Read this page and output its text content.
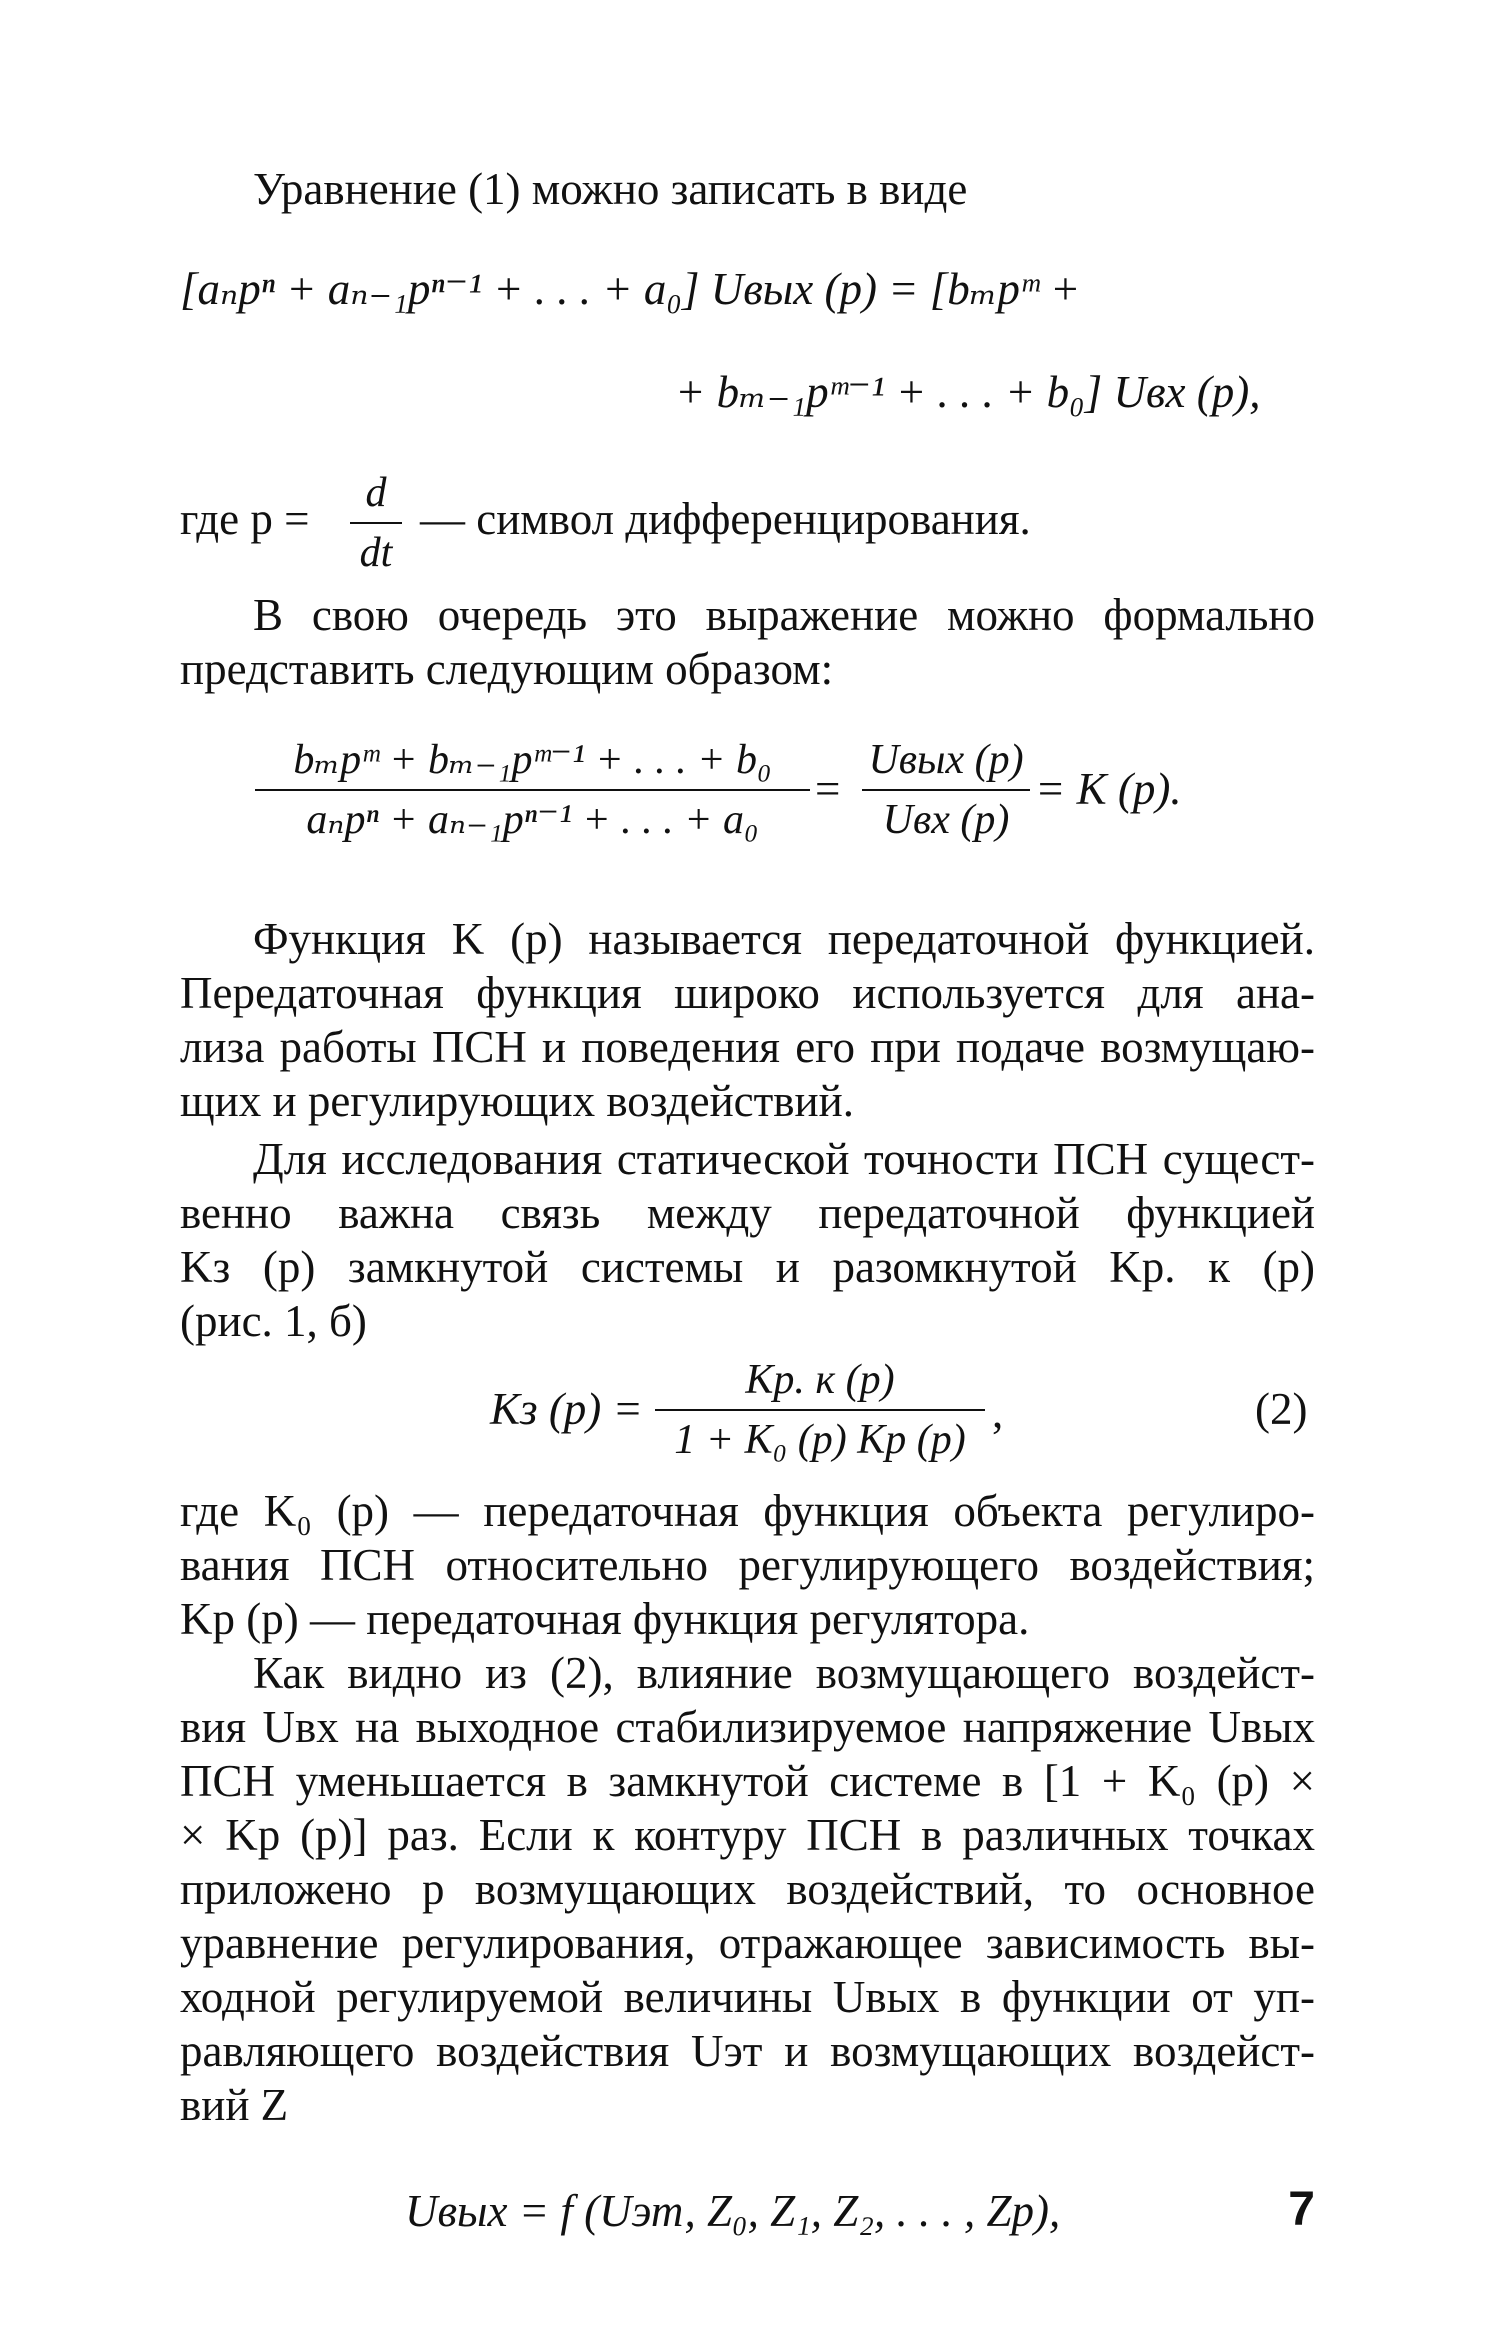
Уравнение (1) можно записать в виде
[aₙpⁿ + aₙ₋₁pⁿ⁻¹ + . . . + a₀] Uвых (p) = [bₘpᵐ +
+ bₘ₋₁pᵐ⁻¹ + . . . + b₀] Uвх (p),
где p =
d
dt
— символ дифференцирования.
В свою очередь это выражение можно формально
представить следующим образом:
bₘpᵐ + bₘ₋₁pᵐ⁻¹ + . . . + b₀
aₙpⁿ + aₙ₋₁pⁿ⁻¹ + . . . + a₀
=
Uвых (p)
Uвх (p)
= K (p).
Функция K (p) называется передаточной функцией.
Передаточная функция широко используется для ана-
лиза работы ПСН и поведения его при подаче возмущаю-
щих и регулирующих воздействий.
Для исследования статической точности ПСН сущест-
венно важна связь между передаточной функцией
Kз (p) замкнутой системы и разомкнутой Kр. к (p)
(рис. 1, б)
Kз (p) =
Kр. к (p)
1 + K₀ (p) Kр (p)
,	(2)
где K₀ (p) — передаточная функция объекта регулиро-
вания ПСН относительно регулирующего воздействия;
Kр (p) — передаточная функция регулятора.
Как видно из (2), влияние возмущающего воздейст-
вия Uвх на выходное стабилизируемое напряжение Uвых
ПСН уменьшается в замкнутой системе в [1 + K₀ (p) ×
× Kр (p)] раз. Если к контуру ПСН в различных точках
приложено p возмущающих воздействий, то основное
уравнение регулирования, отражающее зависимость вы-
ходной регулируемой величины Uвых в функции от уп-
равляющего воздействия Uэт и возмущающих воздейст-
вий Z
Uвых = f (Uэт, Z₀, Z₁, Z₂, . . . , Zр),	7
